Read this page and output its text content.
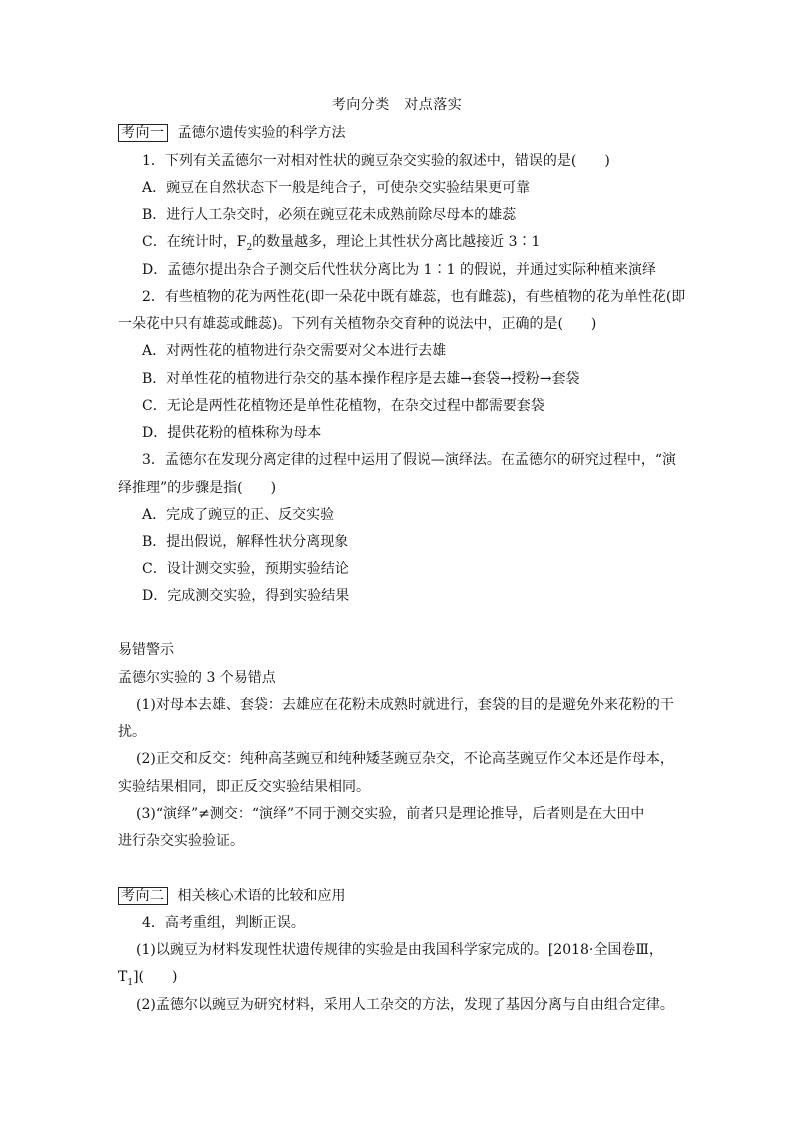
考向分类　对点落实
考向一 孟德尔遗传实验的科学方法
1．下列有关孟德尔一对相对性状的豌豆杂交实验的叙述中，错误的是(　　)
A．豌豆在自然状态下一般是纯合子，可使杂交实验结果更可靠
B．进行人工杂交时，必须在豌豆花未成熟前除尽母本的雄蕊
C．在统计时，$F_2$的数量越多，理论上其性状分离比越接近 3∶1
D．孟德尔提出杂合子测交后代性状分离比为 1∶1 的假说，并通过实际种植来演绎
2．有些植物的花为两性花(即一朵花中既有雄蕊，也有雌蕊)，有些植物的花为单性花(即
一朵花中只有雄蕊或雌蕊)。下列有关植物杂交育种的说法中，正确的是(　　)
A．对两性花的植物进行杂交需要对父本进行去雄
B．对单性花的植物进行杂交的基本操作程序是去雄→套袋→授粉→套袋
C．无论是两性花植物还是单性花植物，在杂交过程中都需要套袋
D．提供花粉的植株称为母本
3．孟德尔在发现分离定律的过程中运用了假说—演绎法。在孟德尔的研究过程中，“演
绎推理”的步骤是指(　　)
A．完成了豌豆的正、反交实验
B．提出假说，解释性状分离现象
C．设计测交实验，预期实验结论
D．完成测交实验，得到实验结果
易错警示
孟德尔实验的 3 个易错点
(1)对母本去雄、套袋：去雄应在花粉未成熟时就进行，套袋的目的是避免外来花粉的干
扰。
(2)正交和反交：纯种高茎豌豆和纯种矮茎豌豆杂交，不论高茎豌豆作父本还是作母本，
实验结果相同，即正反交实验结果相同。
(3)“演绎”≠测交：“演绎”不同于测交实验，前者只是理论推导，后者则是在大田中
进行杂交实验验证。
考向二 相关核心术语的比较和应用
4．高考重组，判断正误。
(1)以豌豆为材料发现性状遗传规律的实验是由我国科学家完成的。[2018·全国卷Ⅲ，
$T_1$](　　)
(2)孟德尔以豌豆为研究材料，采用人工杂交的方法，发现了基因分离与自由组合定律。
